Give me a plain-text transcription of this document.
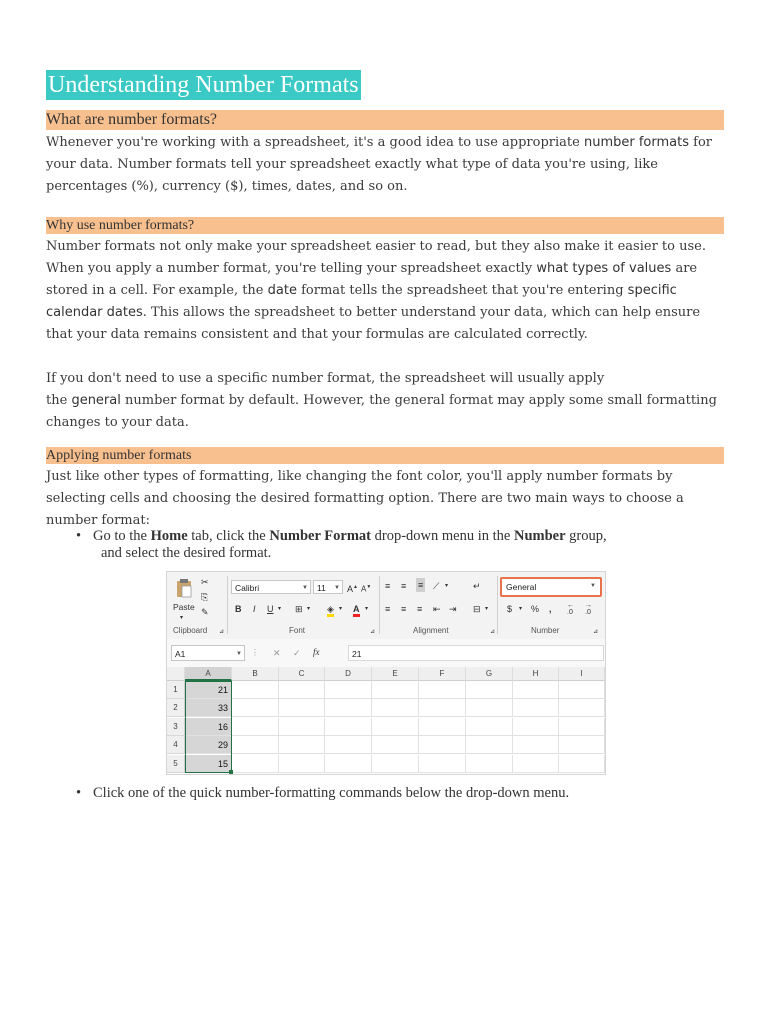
Understanding Number Formats
What are number formats?
Whenever you're working with a spreadsheet, it's a good idea to use appropriate number formats for
your data. Number formats tell your spreadsheet exactly what type of data you're using, like
percentages (%), currency ($), times, dates, and so on.
Why use number formats?
Number formats not only make your spreadsheet easier to read, but they also make it easier to use.
When you apply a number format, you're telling your spreadsheet exactly what types of values are
stored in a cell. For example, the date format tells the spreadsheet that you're entering specific
calendar dates. This allows the spreadsheet to better understand your data, which can help ensure
that your data remains consistent and that your formulas are calculated correctly.
If you don't need to use a specific number format, the spreadsheet will usually apply
the general number format by default. However, the general format may apply some small formatting
changes to your data.
Applying number formats
Just like other types of formatting, like changing the font color, you'll apply number formats by
selecting cells and choosing the desired formatting option. There are two main ways to choose a
number format:
• Go to the Home tab, click the Number Format drop-down menu in the Number group,
and select the desired format.
Paste
▾
✂
⎘
✎
Clipboard ⊿
Calibri	▼	11 ▼ A▲ A▼
B I U ▾ ⊞ ▾ ◈ ▾ A ▾
Font	⊿
≡ ≡ ≡ ⟋ ▾
≡ ≡ ≡ ⇤ ⇥
↵
⊟ ▾
Alignment	⊿
General	▼
$ ▾ % , ←
.0
→
.0
Number	⊿
A1	▼ ⋮ ✕ ✓ fx	21
A	B	C	D	E	F	G	H	I
1	21
2	33
3	16
4	29
5	15
• Click one of the quick number-formatting commands below the drop-down menu.
